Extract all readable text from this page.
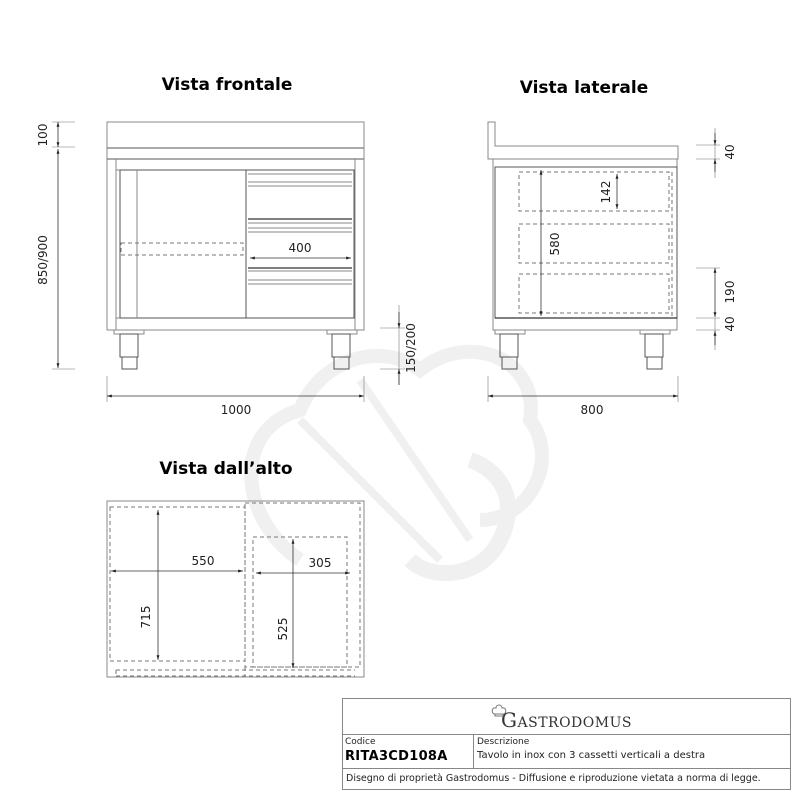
Vista frontale
400
100
850/900
150/200
1000
Vista laterale
580
142
40
190
40
800
Vista dall’alto
550
715
305
525
GASTRODOMUS
Codice
RITA3CD108A
Descrizione
Tavolo in inox con 3 cassetti verticali a destra
Disegno di proprietà Gastrodomus - Diffusione e riproduzione vietata a norma di legge.
